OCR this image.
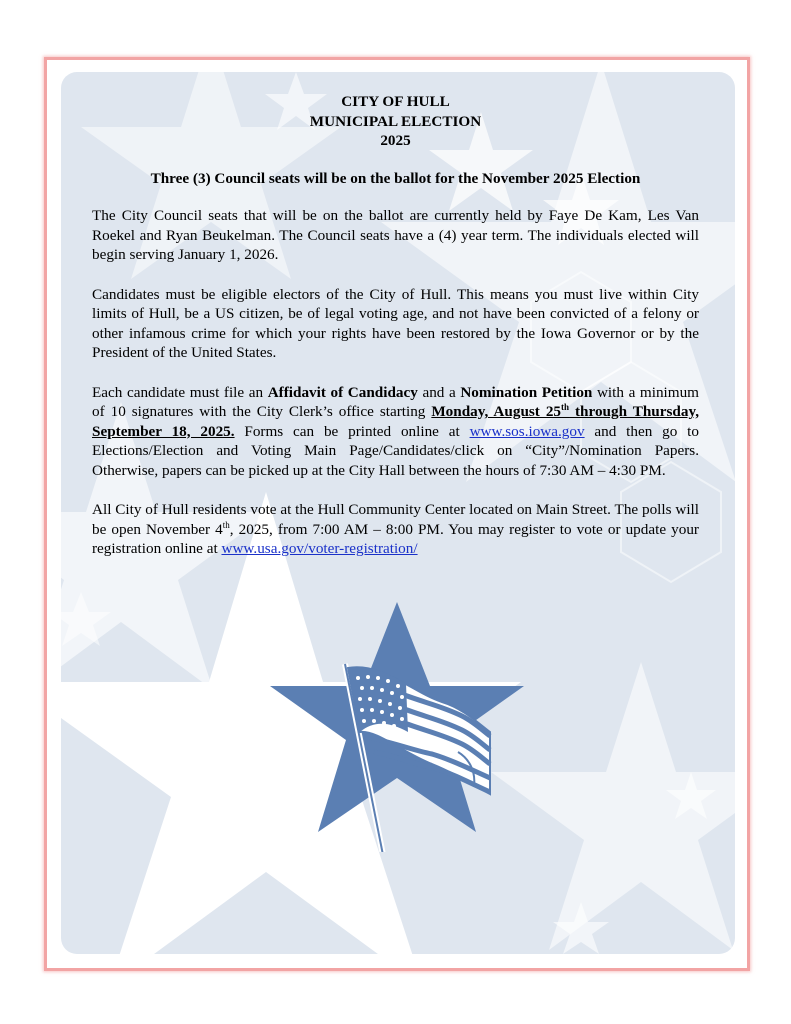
CITY OF HULL
MUNICIPAL ELECTION
2025
Three (3) Council seats will be on the ballot for the November 2025 Election

The City Council seats that will be on the ballot are currently held by Faye De Kam, Les Van Roekel and Ryan Beukelman. The Council seats have a (4) year term. The individuals elected will begin serving January 1, 2026.

Candidates must be eligible electors of the City of Hull. This means you must live within City limits of Hull, be a US citizen, be of legal voting age, and not have been convicted of a felony or other infamous crime for which your rights have been restored by the Iowa Governor or by the President of the United States.

Each candidate must file an Affidavit of Candidacy and a Nomination Petition with a minimum of 10 signatures with the City Clerk’s office starting Monday, August 25th through Thursday, September 18, 2025. Forms can be printed online at www.sos.iowa.gov and then go to Elections/Election and Voting Main Page/Candidates/click on “City”/Nomination Papers. Otherwise, papers can be picked up at the City Hall between the hours of 7:30 AM – 4:30 PM.

All City of Hull residents vote at the Hull Community Center located on Main Street. The polls will be open November 4th, 2025, from 7:00 AM – 8:00 PM. You may register to vote or update your registration online at www.usa.gov/voter-registration/
